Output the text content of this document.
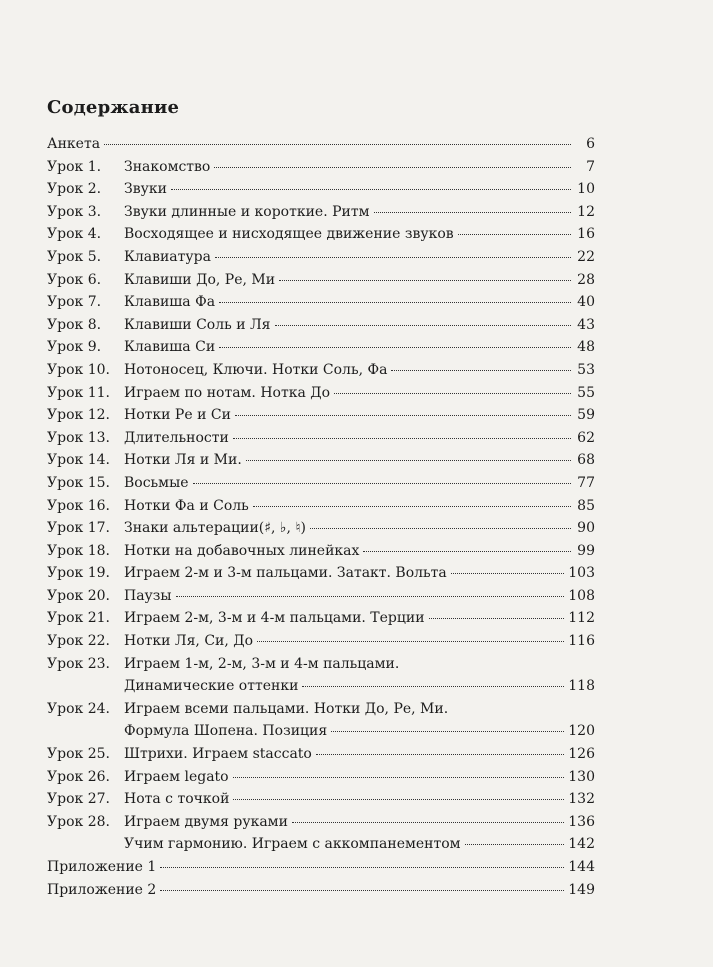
Содержание
Анкета	6
Урок 1.	Знакомство	7
Урок 2.	Звуки	10
Урок 3.	Звуки длинные и короткие. Ритм	12
Урок 4.	Восходящее и нисходящее движение звуков	16
Урок 5.	Клавиатура	22
Урок 6.	Клавиши До, Ре, Ми	28
Урок 7.	Клавиша Фа	40
Урок 8.	Клавиши Соль и Ля	43
Урок 9.	Клавиша Си	48
Урок 10.	Нотоносец, Ключи. Нотки Соль, Фа	53
Урок 11.	Играем по нотам. Нотка До	55
Урок 12.	Нотки Ре и Си	59
Урок 13.	Длительности	62
Урок 14.	Нотки Ля и Ми.	68
Урок 15.	Восьмые	77
Урок 16.	Нотки Фа и Соль	85
Урок 17.	Знаки альтерации(♯, ♭, ♮)	90
Урок 18.	Нотки на добавочных линейках	99
Урок 19.	Играем 2-м и 3-м пальцами. Затакт. Вольта	103
Урок 20.	Паузы	108
Урок 21.	Играем 2-м, 3-м и 4-м пальцами. Терции	112
Урок 22.	Нотки Ля, Си, До	116
Урок 23.	Играем 1-м, 2-м, 3-м и 4-м пальцами.
Динамические оттенки	118
Урок 24.	Играем всеми пальцами. Нотки До, Ре, Ми.
Формула Шопена. Позиция	120
Урок 25.	Штрихи. Играем staccato	126
Урок 26.	Играем legato	130
Урок 27.	Нота с точкой	132
Урок 28.	Играем двумя руками	136
Учим гармонию. Играем с аккомпанементом	142
Приложение 1	144
Приложение 2	149
